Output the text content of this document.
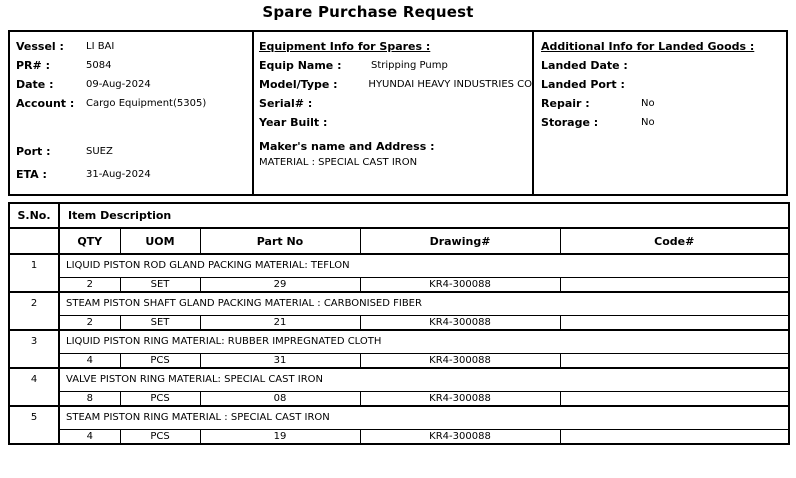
Spare Purchase Request
Vessel :	LI BAI
PR# :	5084
Date :	09-Aug-2024
Account :	Cargo Equipment(5305)
Port :	SUEZ
ETA :	31-Aug-2024
Equipment Info for Spares :
Equip Name :	Stripping Pump
Model/Type :	HYUNDAI HEAVY INDUSTRIES CO
Serial# :
Year Built :
Maker's name and Address :
MATERIAL : SPECIAL CAST IRON
Additional Info for Landed Goods :
Landed Date :
Landed Port :
Repair :	No
Storage :	No
S.No.	Item Description				
	QTY	UOM	Part No	Drawing#	Code#
1	LIQUID PISTON ROD GLAND PACKING MATERIAL: TEFLON				
	2	SET	29	KR4-300088	
2	STEAM PISTON SHAFT GLAND PACKING MATERIAL : CARBONISED FIBER				
	2	SET	21	KR4-300088	
3	LIQUID PISTON RING MATERIAL: RUBBER IMPREGNATED CLOTH				
	4	PCS	31	KR4-300088	
4	VALVE PISTON RING MATERIAL: SPECIAL CAST IRON				
	8	PCS	08	KR4-300088	
5	STEAM PISTON RING MATERIAL : SPECIAL CAST IRON				
	4	PCS	19	KR4-300088	
